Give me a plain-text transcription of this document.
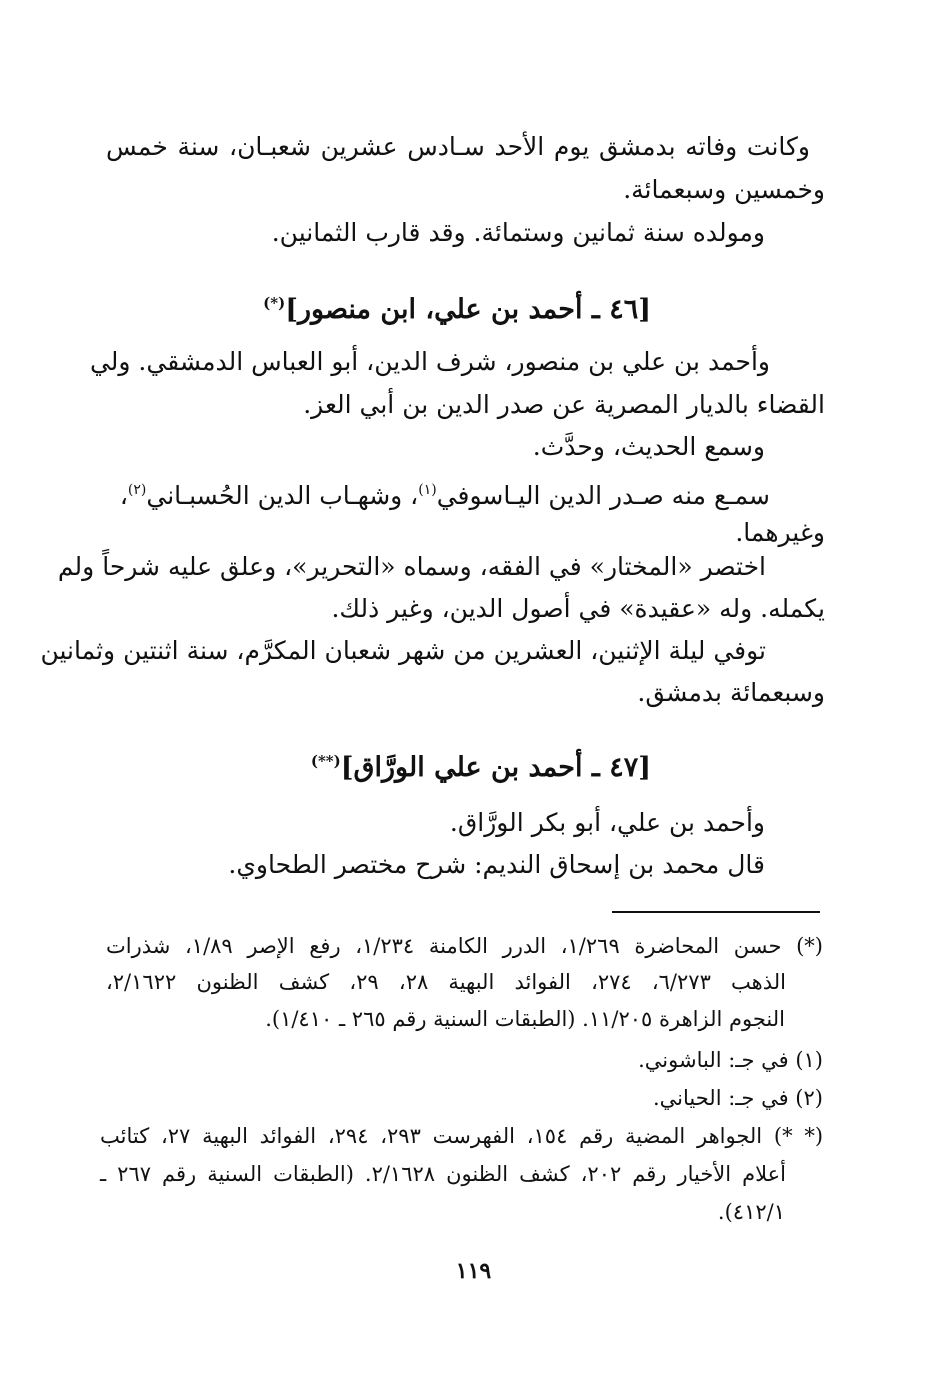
وكانت وفاته بدمشق يوم الأحد سـادس عشرين شعبـان، سنة خمس
وخمسين وسبعمائة.
ومولده سنة ثمانين وستمائة. وقد قارب الثمانين.
[٤٦ ـ أحمد بن علي، ابن منصور](*)
وأحمد بن علي بن منصور، شرف الدين، أبو العباس الدمشقي. ولي
القضاء بالديار المصرية عن صدر الدين بن أبي العز.
وسمع الحديث، وحدَّث.
سمـع منه صـدر الدين اليـاسوفي$^{(١)}$، وشهـاب الدين الحُسبـاني$^{(٢)}$،
وغيرهما.
اختصر «المختار» في الفقه، وسماه «التحرير»، وعلق عليه شرحاً ولم
يكمله. وله «عقيدة» في أصول الدين، وغير ذلك.
توفي ليلة الإثنين، العشرين من شهر شعبان المكرَّم، سنة اثنتين وثمانين
وسبعمائة بدمشق.
[٤٧ ـ أحمد بن علي الورَّاق](**)
وأحمد بن علي، أبو بكر الورَّاق.
قال محمد بن إسحاق النديم: شرح مختصر الطحاوي.
(*) حسن المحاضرة ١/٢٦٩، الدرر الكامنة ١/٢٣٤، رفع الإصر ١/٨٩، شذرات
الذهب ٦/٢٧٣، ٢٧٤، الفوائد البهية ٢٨، ٢٩، كشف الظنون ٢/١٦٢٢،
النجوم الزاهرة ١١/٢٠٥. (الطبقات السنية رقم ٢٦٥ ـ ١/٤١٠).
(١) في جـ: الباشوني.
(٢) في جـ: الحياني.
(* *) الجواهر المضية رقم ١٥٤، الفهرست ٢٩٣، ٢٩٤، الفوائد البهية ٢٧، كتائب
أعلام الأخيار رقم ٢٠٢، كشف الظنون ٢/١٦٢٨. (الطبقات السنية رقم ٢٦٧ ـ
٤١٢/١).
١١٩
